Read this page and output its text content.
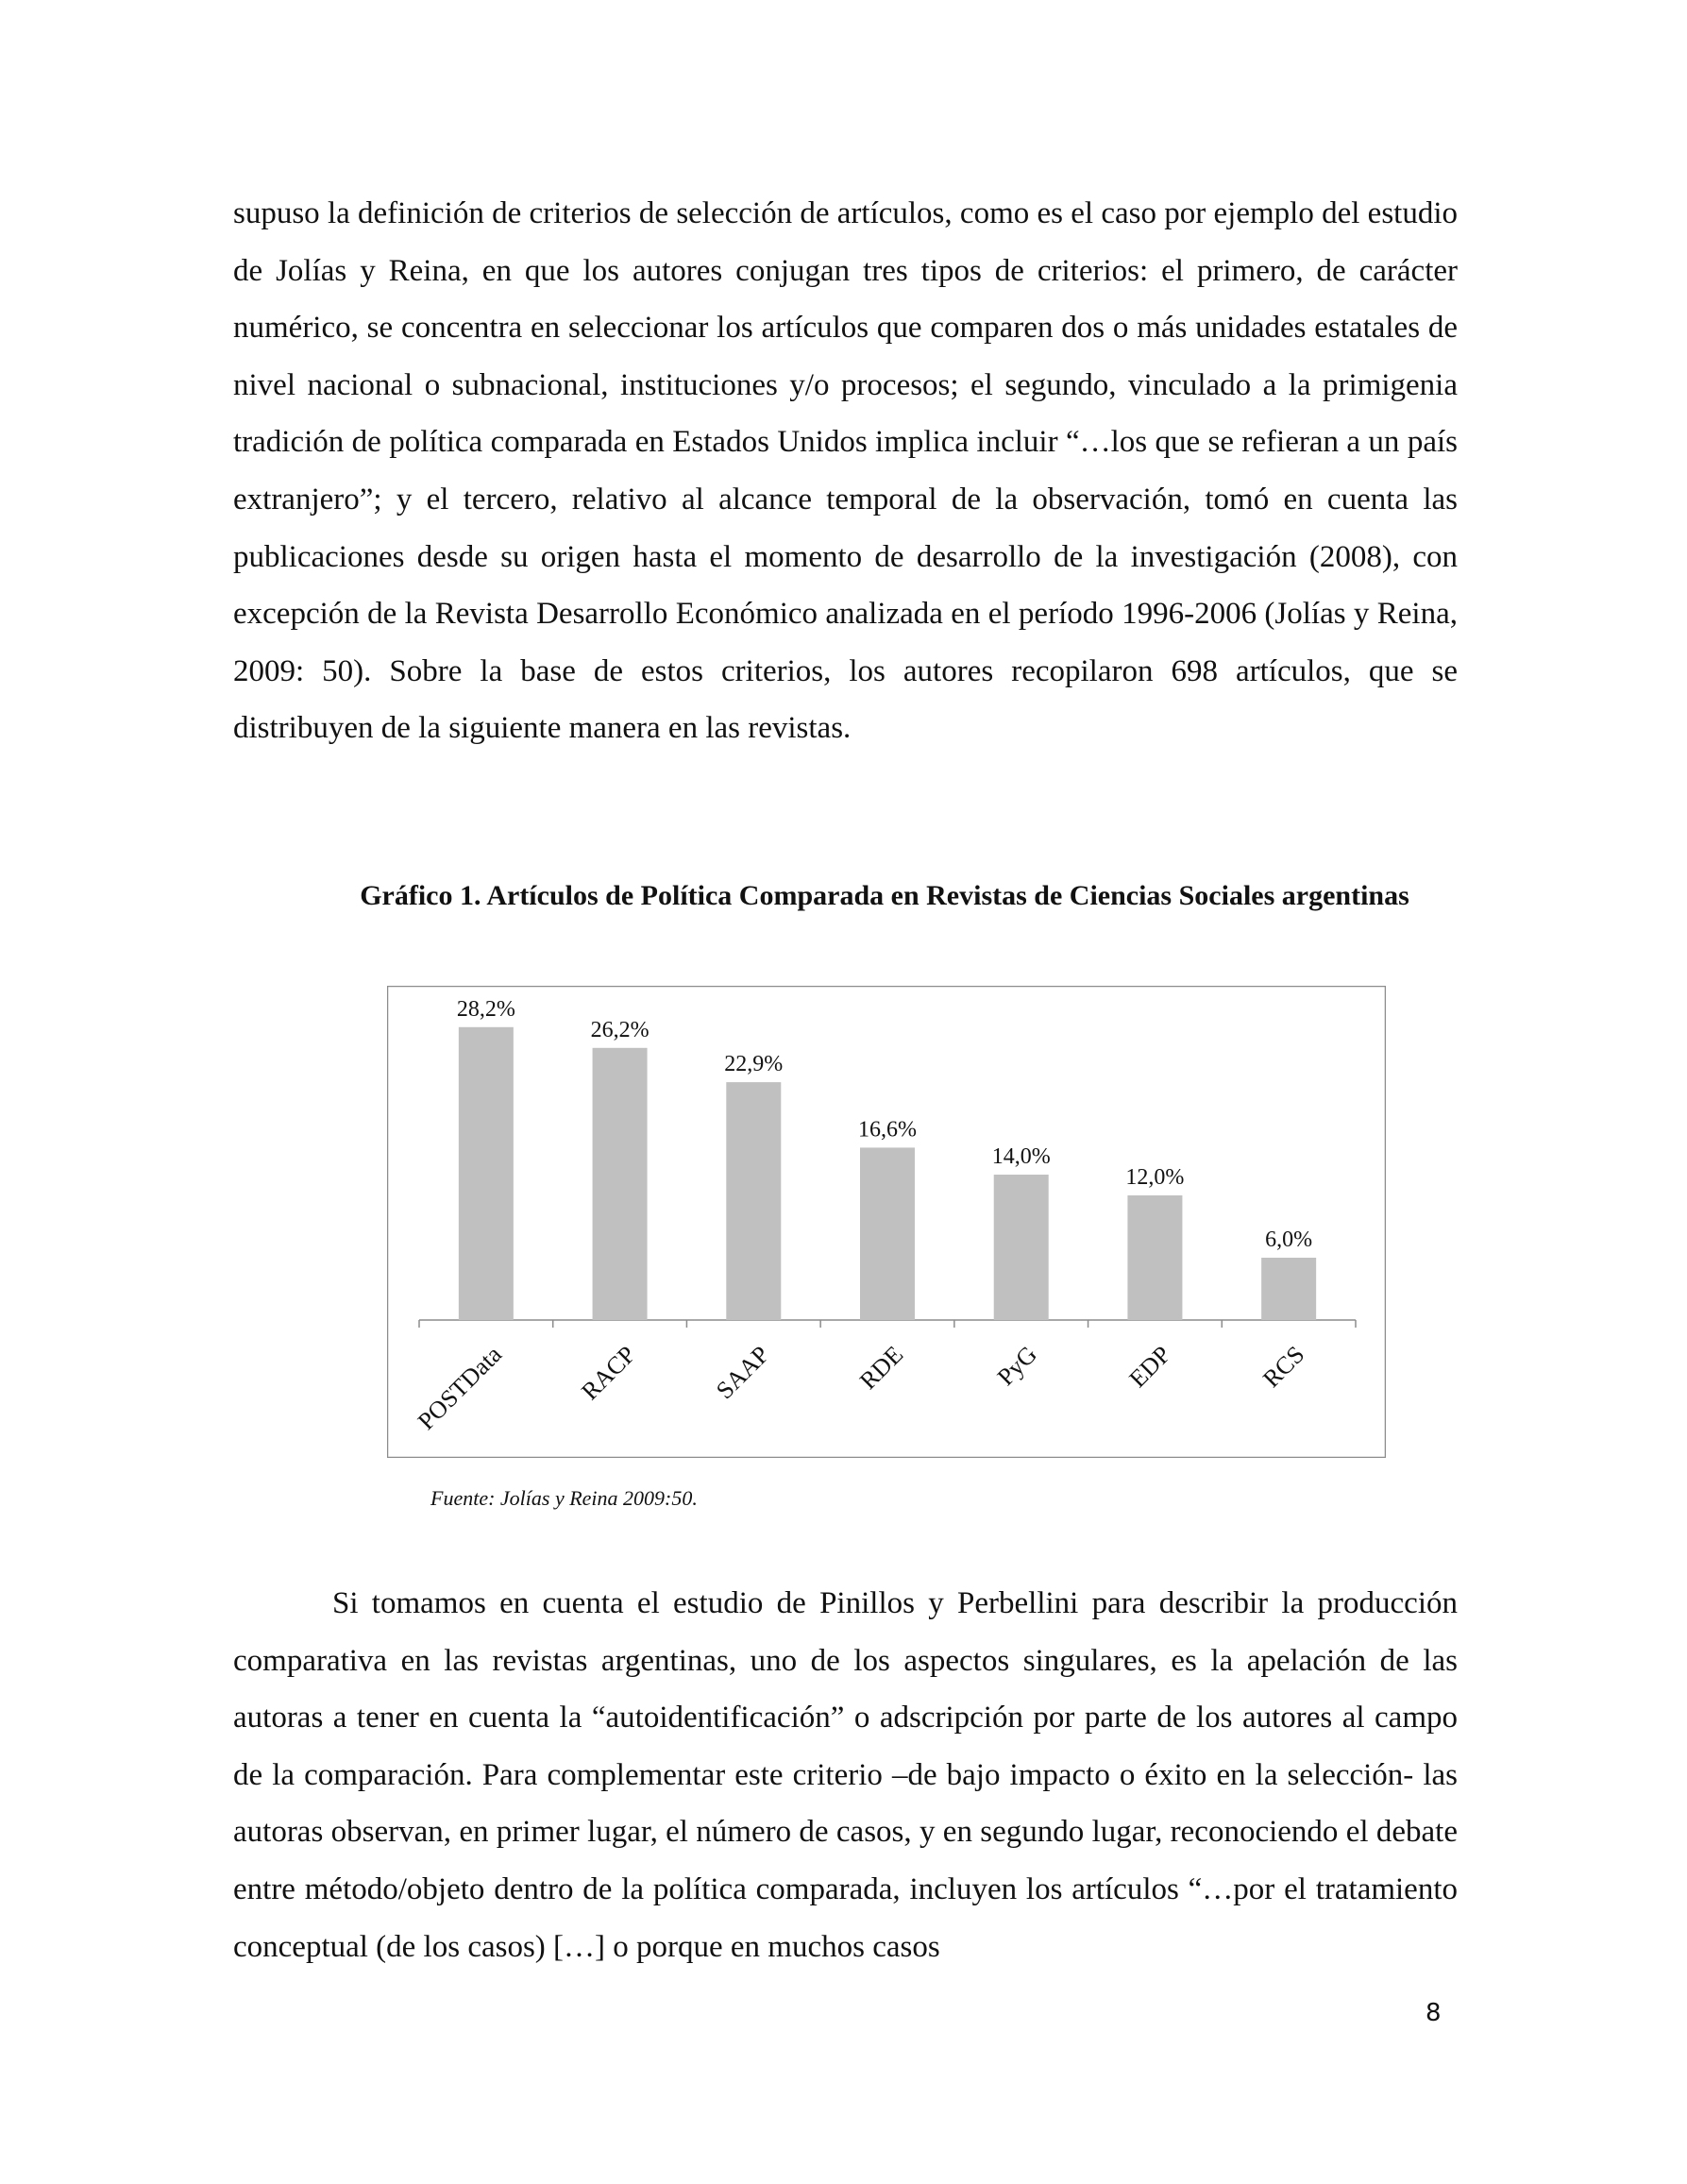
supuso la definición de criterios de selección de artículos, como es el caso por ejemplo del estudio de Jolías y Reina, en que los autores conjugan tres tipos de criterios: el primero, de carácter numérico, se concentra en seleccionar los artículos que comparen dos o más unidades estatales de nivel nacional o subnacional, instituciones y/o procesos; el segundo, vinculado a la primigenia tradición de política comparada en Estados Unidos implica incluir “…los que se refieran a un país extranjero”; y el tercero, relativo al alcance temporal de la observación, tomó en cuenta las publicaciones desde su origen hasta el momento de desarrollo de la investigación (2008), con excepción de la Revista Desarrollo Económico analizada en el período 1996-2006 (Jolías y Reina, 2009: 50). Sobre la base de estos criterios, los autores recopilaron 698 artículos, que se distribuyen de la siguiente manera en las revistas.

Gráfico 1. Artículos de Política Comparada en Revistas de Ciencias Sociales argentinas

28,2%
POSTData
26,2%
RACP
22,9%
SAAP
16,6%
RDE
14,0%
PyG
12,0%
EDP
6,0%
RCS

Fuente: Jolías y Reina 2009:50.

Si tomamos en cuenta el estudio de Pinillos y Perbellini para describir la producción comparativa en las revistas argentinas, uno de los aspectos singulares, es la apelación de las autoras a tener en cuenta la “autoidentificación” o adscripción por parte de los autores al campo de la comparación. Para complementar este criterio –de bajo impacto o éxito en la selección- las autoras observan, en primer lugar, el número de casos, y en segundo lugar, reconociendo el debate entre método/objeto dentro de la política comparada, incluyen los artículos “…por el tratamiento conceptual (de los casos) […] o porque en muchos casos

8
